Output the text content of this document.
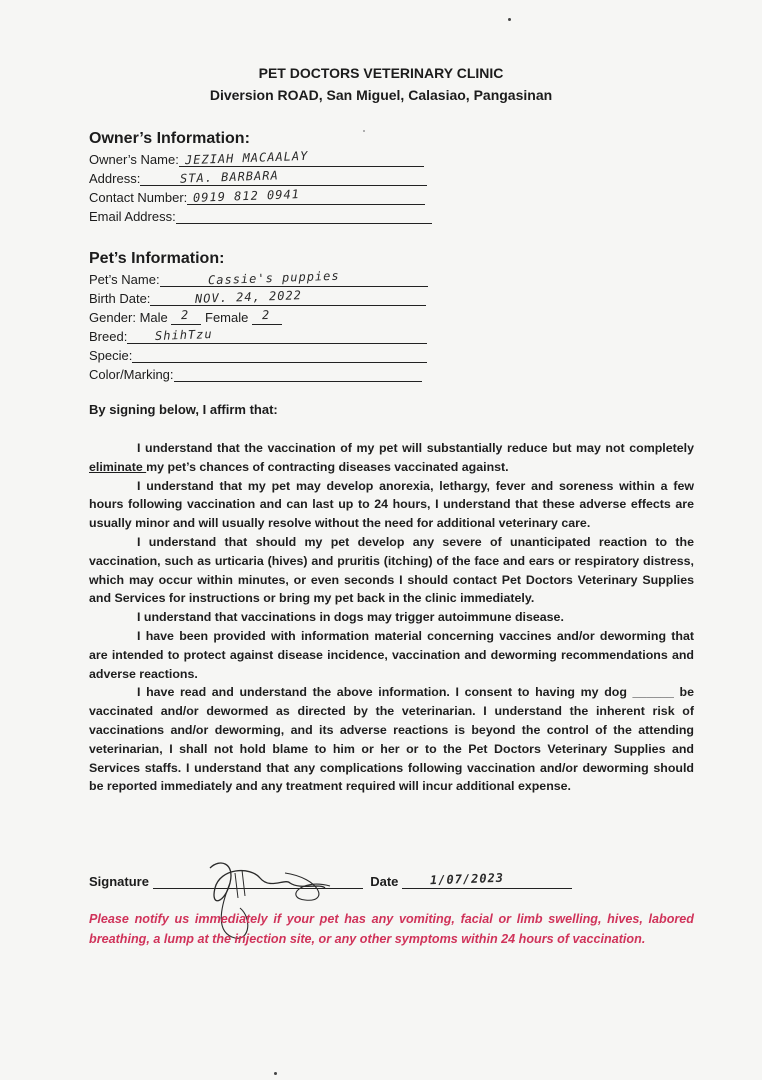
PET DOCTORS VETERINARY CLINIC
Diversion ROAD, San Miguel, Calasiao, Pangasinan
Owner’s Information:
Owner’s Name: JEZIAH MACAALAY
Address:	STA. BARBARA
Contact Number: 0919 812 0941
Email Address:
Pet’s Information:
Pet’s Name:	Cassie's puppies
Birth Date:	NOV. 24, 2022
Gender: Male 2 Female 2
Breed: ShihTzu
Specie:
Color/Marking:
By signing below, I affirm that:

I understand that the vaccination of my pet will substantially reduce but may not completely eliminate my pet’s chances of contracting diseases vaccinated against.

I understand that my pet may develop anorexia, lethargy, fever and soreness within a few hours following vaccination and can last up to 24 hours, I understand that these adverse effects are usually minor and will usually resolve without the need for additional veterinary care.

I understand that should my pet develop any severe of unanticipated reaction to the vaccination, such as urticaria (hives) and pruritis (itching) of the face and ears or respiratory distress, which may occur within minutes, or even seconds I should contact Pet Doctors Veterinary Supplies and Services for instructions or bring my pet back in the clinic immediately.

I understand that vaccinations in dogs may trigger autoimmune disease.

I have been provided with information material concerning vaccines and/or deworming that are intended to protect against disease incidence, vaccination and deworming recommendations and adverse reactions.

I have read and understand the above information. I consent to having my dog ______ be vaccinated and/or dewormed as directed by the veterinarian. I understand the inherent risk of vaccinations and/or deworming, and its adverse reactions is beyond the control of the attending veterinarian, I shall not hold blame to him or her or to the Pet Doctors Veterinary Supplies and Services staffs. I understand that any complications following vaccination and/or deworming should be reported immediately and any treatment required will incur additional expense.

Signature	Date	1/07/2023
Please notify us immediately if your pet has any vomiting, facial or limb swelling, hives, labored breathing, a lump at the injection site, or any other symptoms within 24 hours of vaccination.
